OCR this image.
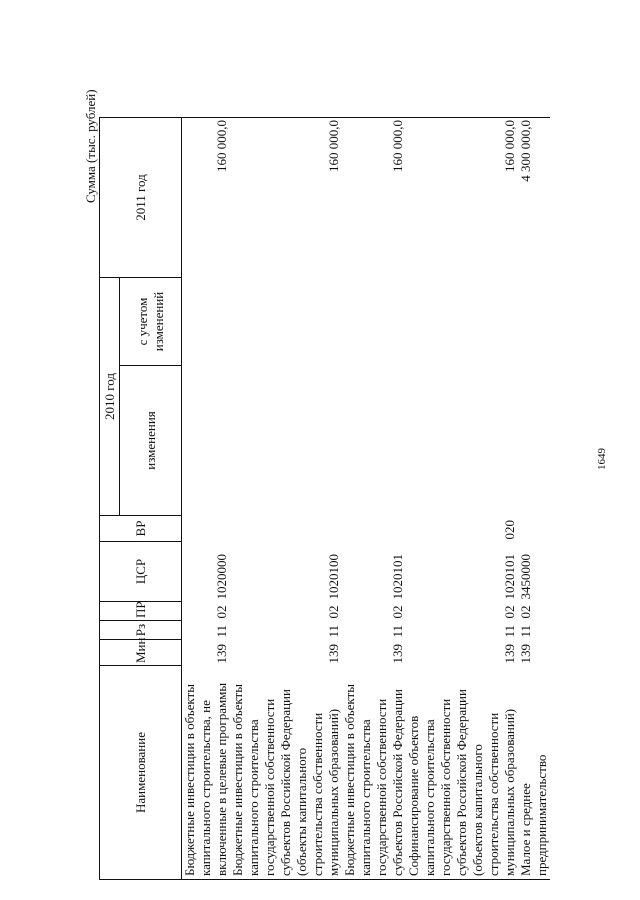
1649
Сумма (тыс. рублей)
Наименование	Мин	Рз	ПР	ЦСР	ВР	2010 год		2011 год
						изменения	с учетом изменений	
Бюджетные инвестиции в объекты капитального строительства, не включенные в целевые программы	139	11	02	1020000				160 000,0
Бюджетные инвестиции в объекты капитального строительства государственной собственности субъектов Российской Федерации (объекты капитального строительства собственности муниципальных образований)	139	11	02	1020100				160 000,0
Бюджетные инвестиции в объекты капитального строительства государственной собственности субъектов Российской Федерации	139	11	02	1020101				160 000,0
Софинансирование объектов капитального строительства государственной собственности субъектов Российской Федерации (объектов капитального строительства собственности муниципальных образований)	139	11	02	1020101	020			160 000,0
Малое и среднее предпринимательство	139	11	02	3450000				4 300 000,0
